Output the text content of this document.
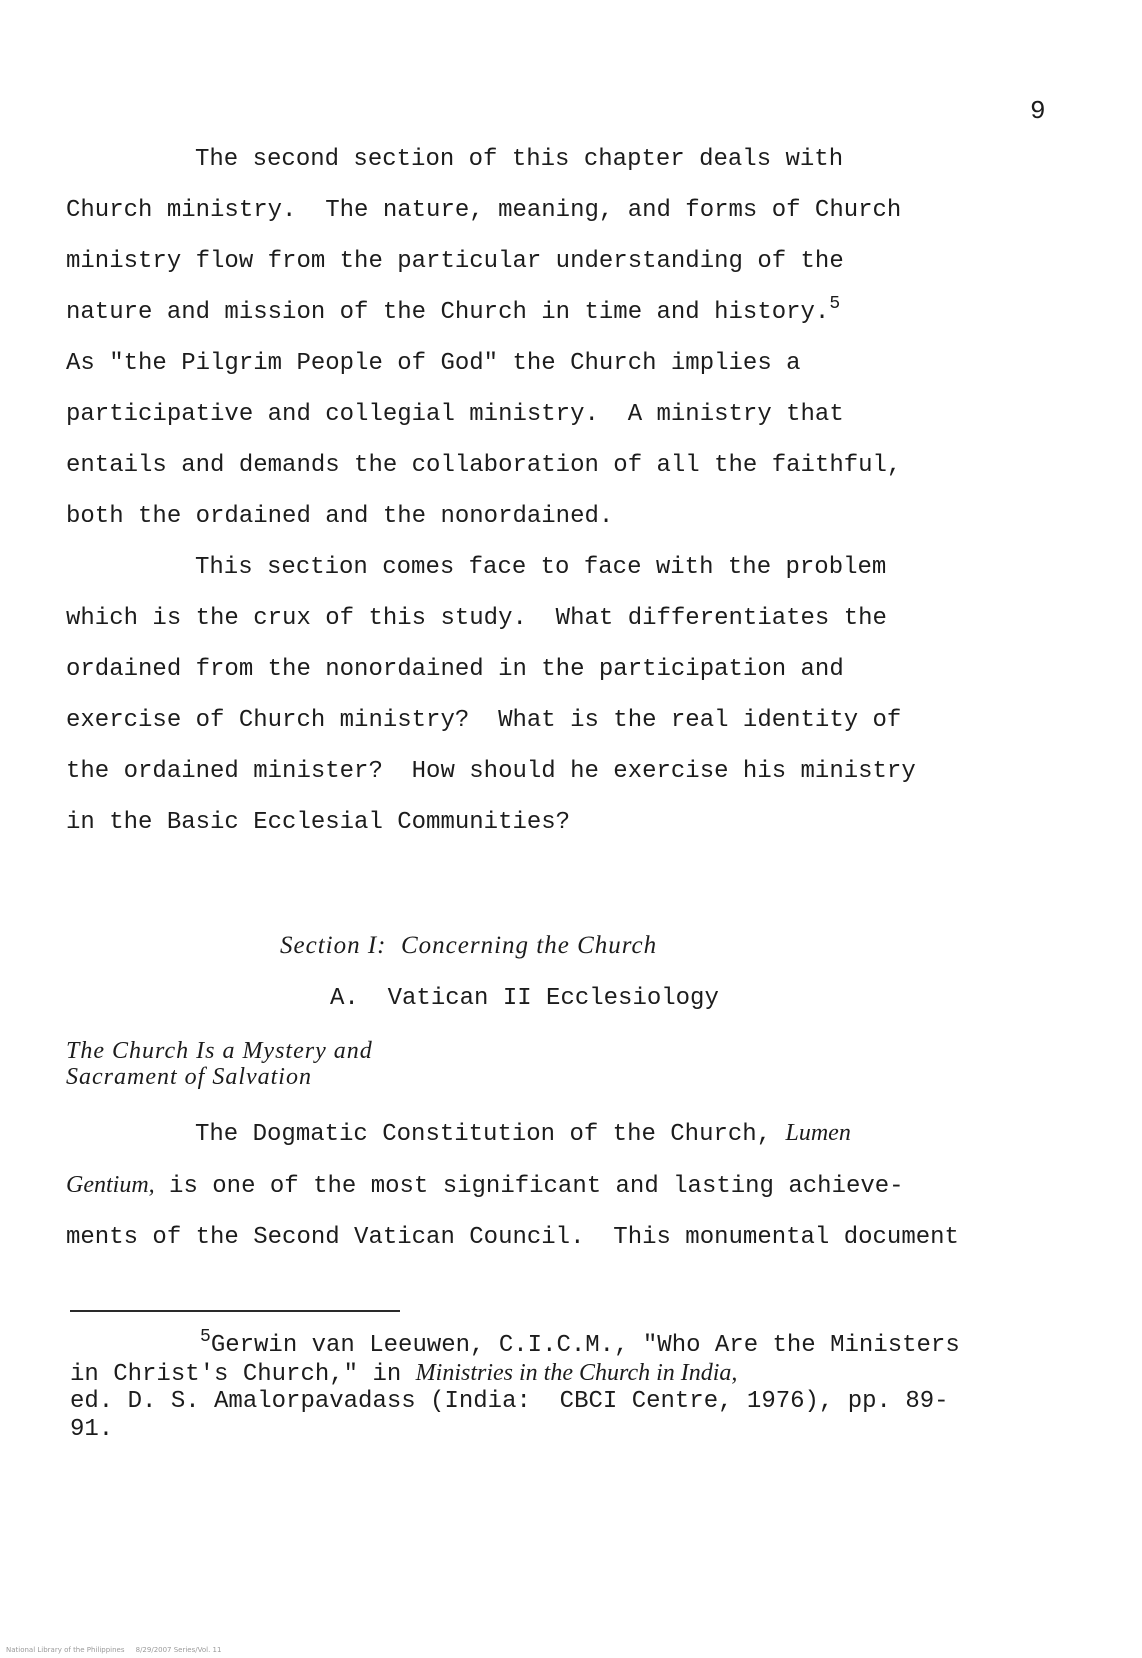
9
The second section of this chapter deals with
Church ministry.  The nature, meaning, and forms of Church
ministry flow from the particular understanding of the
nature and mission of the Church in time and history.$^5$
As "the Pilgrim People of God" the Church implies a
participative and collegial ministry.  A ministry that
entails and demands the collaboration of all the faithful,
both the ordained and the nonordained.
This section comes face to face with the problem
which is the crux of this study.  What differentiates the
ordained from the nonordained in the participation and
exercise of Church ministry?  What is the real identity of
the ordained minister?  How should he exercise his ministry
in the Basic Ecclesial Communities?
Section I:  Concerning the Church
A.  Vatican II Ecclesiology
The Church Is a Mystery and
Sacrament of Salvation
The Dogmatic Constitution of the Church, Lumen
Gentium, is one of the most significant and lasting achieve-
ments of the Second Vatican Council.  This monumental document
$^5$Gerwin van Leeuwen, C.I.C.M., "Who Are the Ministers
in Christ's Church," in Ministries in the Church in India,
ed. D. S. Amalorpavadass (India:  CBCI Centre, 1976), pp. 89-
91.
National Library of the Philippines     8/29/2007 Series/Vol. 11
